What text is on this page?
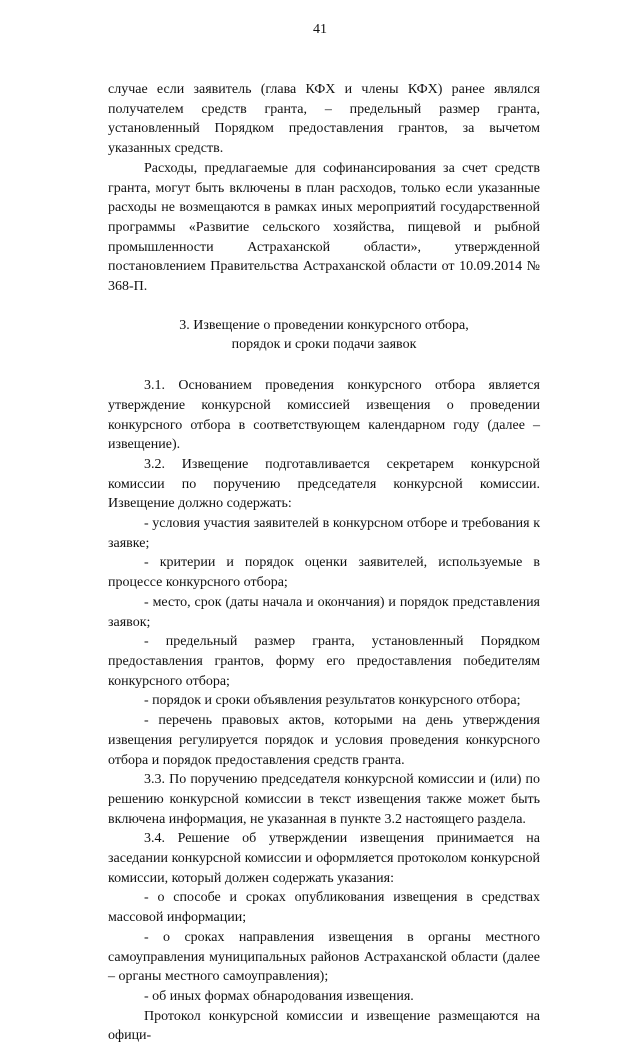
41

случае если заявитель (глава КФХ и члены КФХ) ранее являлся получателем средств гранта, – предельный размер гранта, установленный Порядком предоставления грантов, за вычетом указанных средств.

Расходы, предлагаемые для софинансирования за счет средств гранта, могут быть включены в план расходов, только если указанные расходы не возмещаются в рамках иных мероприятий государственной программы «Развитие сельского хозяйства, пищевой и рыбной промышленности Астраханской области», утвержденной постановлением Правительства Астраханской области от 10.09.2014 № 368-П.

3. Извещение о проведении конкурсного отбора,
порядок и сроки подачи заявок

3.1. Основанием проведения конкурсного отбора является утверждение конкурсной комиссией извещения о проведении конкурсного отбора в соответствующем календарном году (далее – извещение).

3.2. Извещение подготавливается секретарем конкурсной комиссии по поручению председателя конкурсной комиссии. Извещение должно содержать:

- условия участия заявителей в конкурсном отборе и требования к заявке;

- критерии и порядок оценки заявителей, используемые в процессе конкурсного отбора;

- место, срок (даты начала и окончания) и порядок представления заявок;

- предельный размер гранта, установленный Порядком предоставления грантов, форму его предоставления победителям конкурсного отбора;

- порядок и сроки объявления результатов конкурсного отбора;

- перечень правовых актов, которыми на день утверждения извещения регулируется порядок и условия проведения конкурсного отбора и порядок предоставления средств гранта.

3.3. По поручению председателя конкурсной комиссии и (или) по решению конкурсной комиссии в текст извещения также может быть включена информация, не указанная в пункте 3.2 настоящего раздела.

3.4. Решение об утверждении извещения принимается на заседании конкурсной комиссии и оформляется протоколом конкурсной комиссии, который должен содержать указания:

- о способе и сроках опубликования извещения в средствах массовой информации;

- о сроках направления извещения в органы местного самоуправления муниципальных районов Астраханской области (далее – органы местного самоуправления);

- об иных формах обнародования извещения.

Протокол конкурсной комиссии и извещение размещаются на офици-
